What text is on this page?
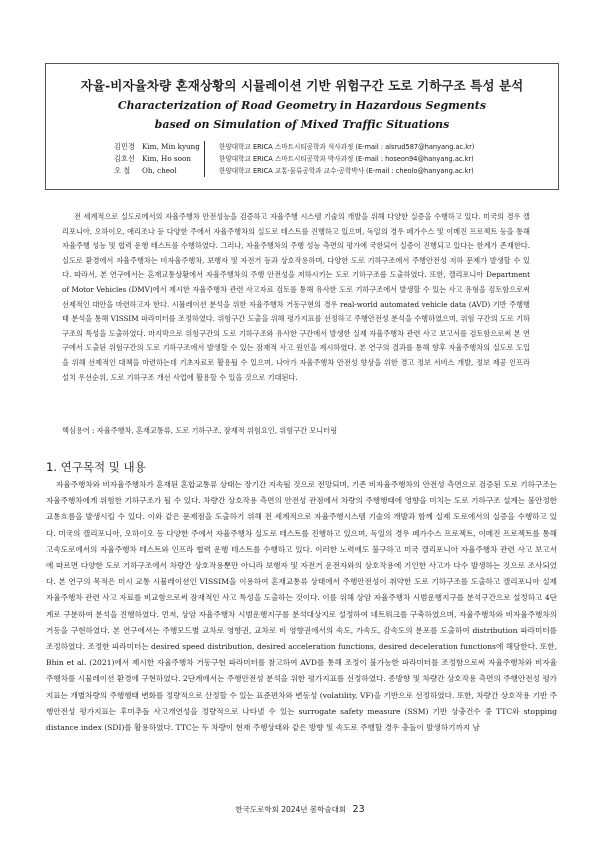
자율-비자율차량 혼재상황의 시뮬레이션 기반 위험구간 도로 기하구조 특성 분석
Characterization of Road Geometry in Hazardous Segments
based on Simulation of Mixed Traffic Situations
김민경 Kim, Min kyung	한양대학교 ERICA 스마트시티공학과 석사과정 (E-mail : alsrud587@hanyang.ac.kr)
김호선 Kim, Ho soon	한양대학교 ERICA 스마트시티공학과 박사과정 (E-mail : hoseon94@hanyang.ac.kr)
오 철	Oh, cheol	한양대학교 ERICA 교통·물류공학과 교수·공학박사 (E-mail : cheolo@hanyang.ac.kr)
전 세계적으로 실도로에서의 자율주행차 안전성능을 검증하고 자율주행 시스템 기술의 개발을 위해 다양한 실증을 수행하고 있다. 미국의 경우 캘리포니아, 오하이오, 애리조나 등 다양한 주에서 자율주행차의 실도로 테스트를 진행하고 있으며, 독일의 경우 페가수스 및 이메진 프로젝트 등을 통해 자율주행 성능 및 협력 운행 테스트를 수행하였다. 그러나, 자율주행차의 주행 성능 측면의 평가에 국한되어 실증이 진행되고 있다는 한계가 존재한다. 실도로 환경에서 자율주행차는 비자율주행차, 보행자 및 자전거 등과 상호작용하며, 다양한 도로 기하구조에서 주행안전성 저하 문제가 발생할 수 있다. 따라서, 본 연구에서는 혼재교통상황에서 자율주행차의 주행 안전성을 저하시키는 도로 기하구조를 도출하였다. 또한, 캘리포니아 Department of Motor Vehicles (DMV)에서 제시한 자율주행차 관련 사고자료 검토를 통해 유사한 도로 기하구조에서 발생할 수 있는 사고 유형을 검토함으로써 선제적인 대안을 마련하고자 한다. 시뮬레이션 분석을 위한 자율주행차 거동구현의 경우 real-world automated vehicle data (AVD) 기반 주행행태 분석을 통해 VISSIM 파라미터를 조정하였다. 위험구간 도출을 위해 평가지표를 선정하고 주행안전성 분석을 수행하였으며, 위험 구간의 도로 기하구조의 특성을 도출하였다. 마지막으로 위험구간의 도로 기하구조와 유사한 구간에서 발생한 실제 자율주행차 관련 사고 보고서를 검토함으로써 본 연구에서 도출된 위험구간의 도로 기하구조에서 발생할 수 있는 잠재적 사고 원인을 제시하였다. 본 연구의 결과를 통해 향후 자율주행차의 실도로 도입을 위해 선제적인 대책을 마련하는데 기초자료로 활용될 수 있으며, 나아가 자율주행차 안전성 향상을 위한 경고 정보 서비스 개발, 정보 제공 인프라 설치 우선순위, 도로 기하구조 개선 사업에 활용할 수 있을 것으로 기대된다.
핵심용어 : 자율주행차, 혼재교통류, 도로 기하구조, 잠재적 위험요인, 위험구간 모니터링
1. 연구목적 및 내용
자율주행차와 비자율주행차가 혼재된 혼합교통류 상태는 장기간 지속될 것으로 전망되며, 기존 비자율주행차의 안전성 측면으로 검증된 도로 기하구조는 자율주행차에게 위험한 기하구조가 될 수 있다. 차량간 상호작용 측면의 안전성 관점에서 차량의 주행행태에 영향을 미치는 도로 기하구조 설계는 불안정한 교통흐름을 발생시킬 수 있다. 이와 같은 문제점을 도출하기 위해 전 세계적으로 자율주행시스템 기술의 개발과 함께 실제 도로에서의 실증을 수행하고 있다. 미국의 캘리포니아, 오하이오 등 다양한 주에서 자율주행차 실도로 테스트를 진행하고 있으며, 독일의 경우 페가수스 프로젝트, 이메진 프로젝트를 통해 고속도로에서의 자율주행차 테스트와 인프라 협력 운행 테스트를 수행하고 있다. 이러한 노력에도 불구하고 미국 캘리포니아 자율주행차 관련 사고 보고서에 따르면 다양한 도로 기하구조에서 차량간 상호작용뿐만 아니라 보행자 및 자전거 운전자와의 상호작용에 기인한 사고가 다수 발생하는 것으로 조사되었다. 본 연구의 목적은 미시 교통 시뮬레이션인 VISSIM을 이용하여 혼재교통류 상태에서 주행안전성이 취약한 도로 기하구조를 도출하고 캘리포니아 실제 자율주행차 관련 사고 자료를 비교함으로써 잠재적인 사고 특성을 도출하는 것이다. 이를 위해 상암 자율주행차 시범운행지구를 분석구간으로 설정하고 4단계로 구분하여 분석을 진행하였다. 먼저, 상암 자율주행차 시범운행지구를 분석대상지로 설정하여 네트워크를 구축하였으며, 자율주행차와 비자율주행차의 거동을 구현하였다. 본 연구에서는 주행모드별 교차로 영향권, 교차로 비 영향권에서의 속도, 가속도, 감속도의 분포를 도출하여 distribution 파라미터를 조정하였다. 조정한 파라미터는 desired speed distribution, desired acceleration functions, desired deceleration functions에 해당한다. 또한, Bhin et al. (2021)에서 제시한 자율주행차 거동구현 파라미터를 참고하여 AVD를 통해 조정이 불가능한 파라미터를 조정함으로써 자율주행차와 비자율주행차를 시뮬레이션 환경에 구현하였다. 2단계에서는 주행안전성 분석을 위한 평가지표를 선정하였다. 종방향 및 차량간 상호작용 측면의 주행안전성 평가지표는 개별차량의 주행행태 변화를 정량적으로 산정할 수 있는 표준편차와 변동성 (volatility, VF)을 기반으로 선정하였다. 또한, 차량간 상호작용 기반 주행안전성 평가지표는 후미추돌 사고개연성을 정량적으로 나타낼 수 있는 surrogate safety measure (SSM) 기반 상충건수 중 TTC와 stopping distance index (SDI)를 활용하였다. TTC는 두 차량이 현재 주행상태와 같은 방향 및 속도로 주행할 경우 충돌이 발생하기까지 남
한국도로학회 2024년 봄학술대회 23
